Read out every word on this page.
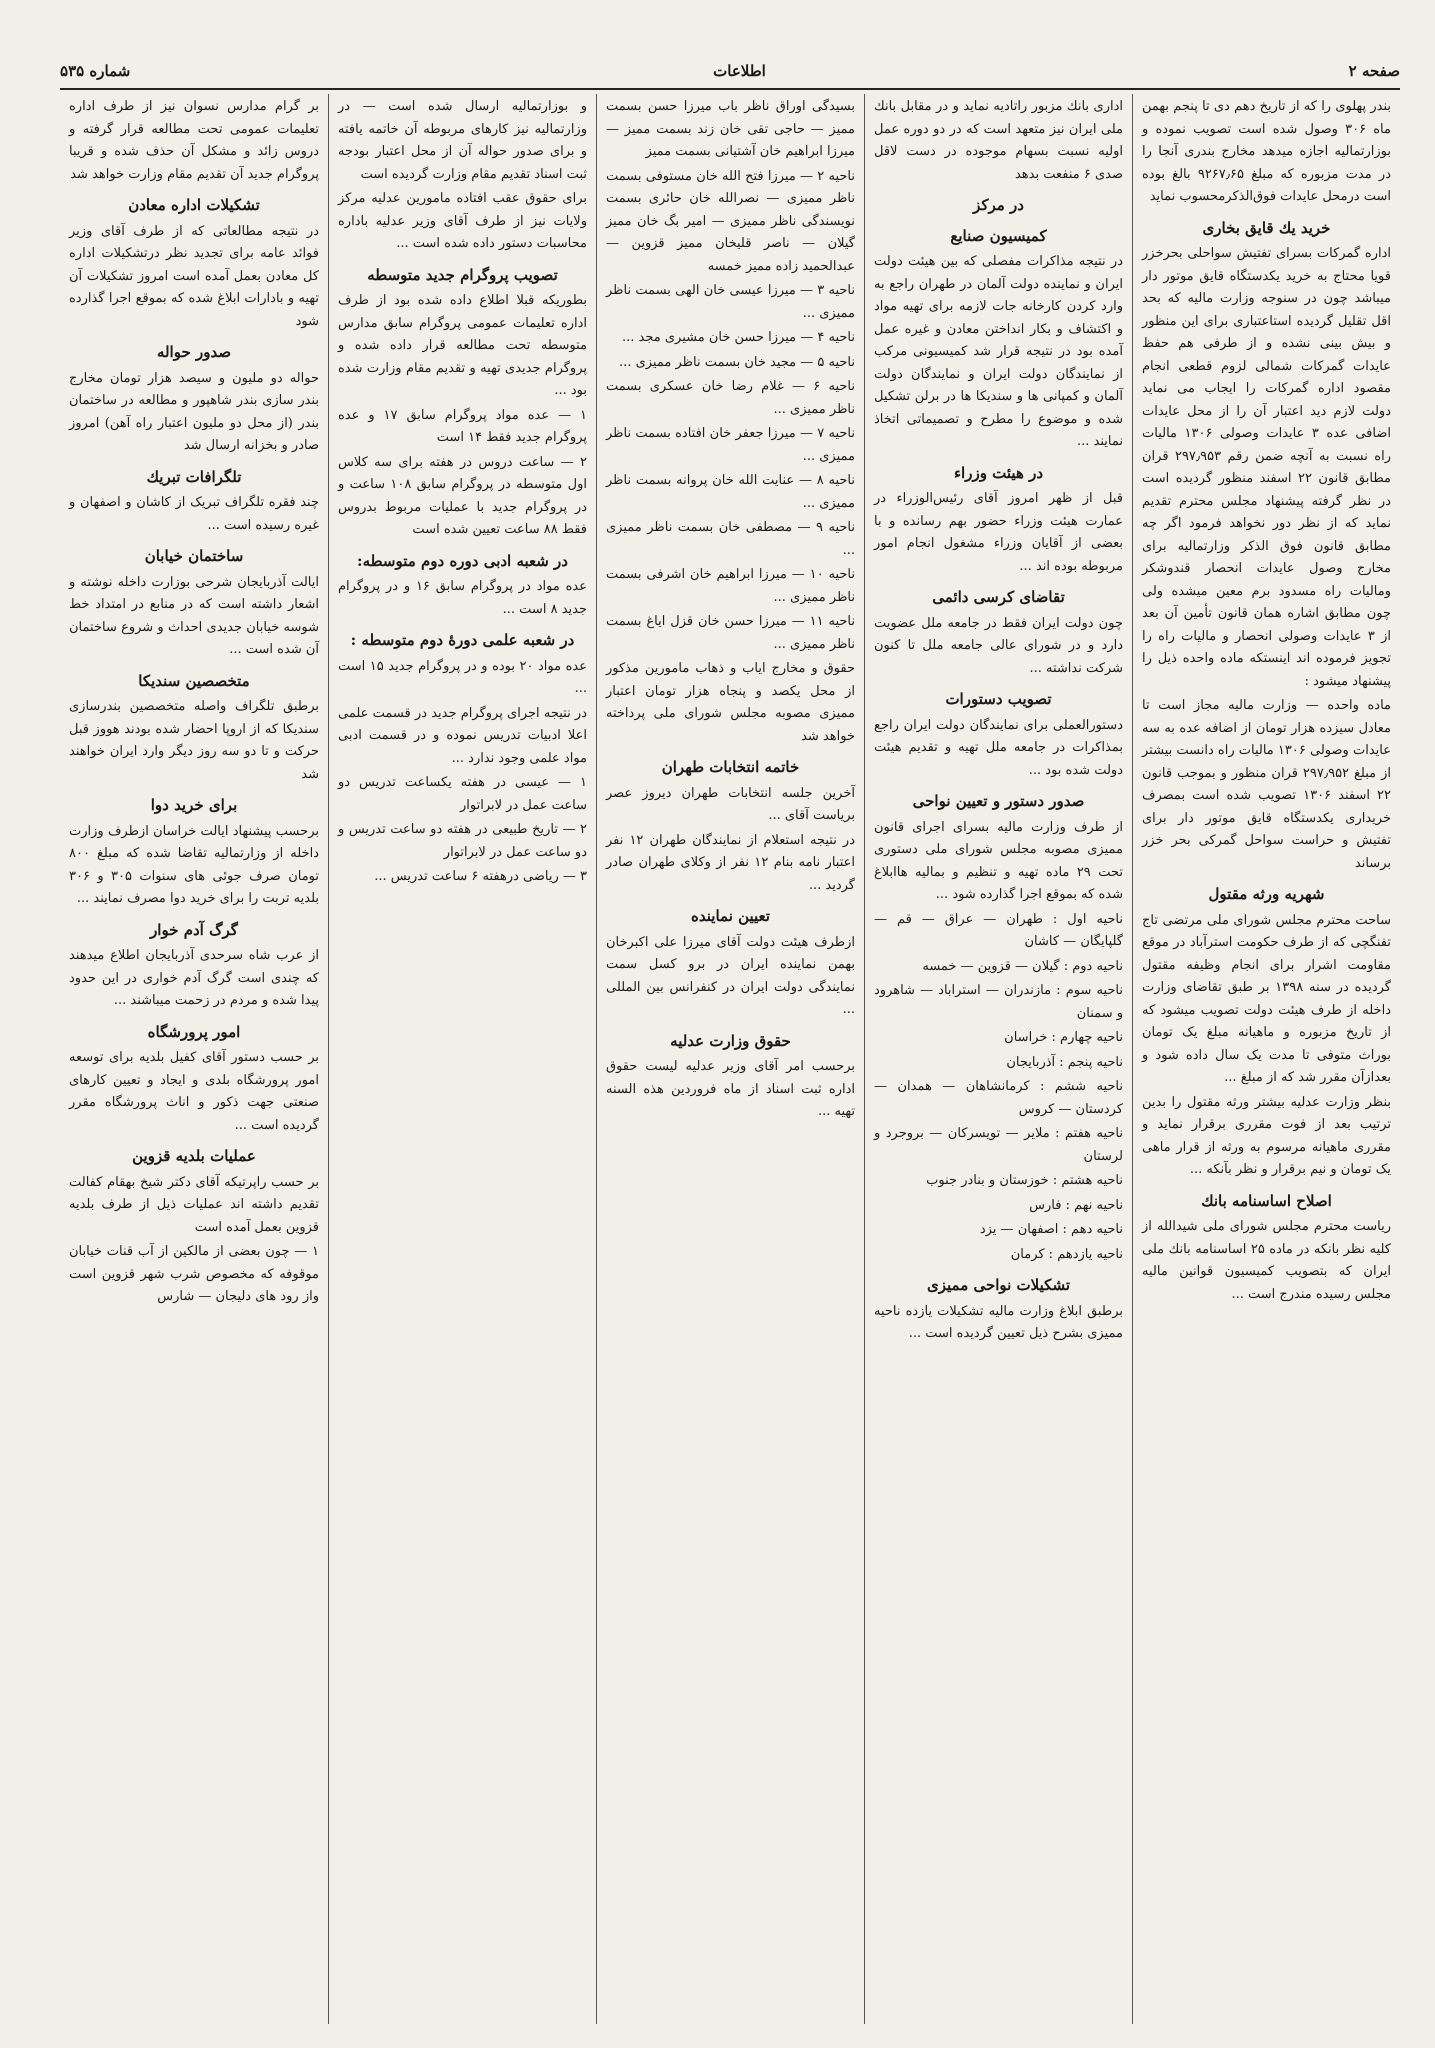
صفحه ۲
اطلاعات
شماره ۵۳۵

بندر پهلوی را كه از تاریخ دهم دی تا پنجم بهمن ماه ۳۰۶ وصول شده است تصویب نموده و بوزارتمالیه اجازه میدهد مخارج بندری آنجا را در مدت مزبوره كه مبلغ ۹۲۶۷٫۶۵ بالغ بوده است درمحل عایدات فوق‌الذكرمحسوب نماید

خرید یك قایق بخاری

اداره گمرکات بسرای تفتیش سواحلی بحرخزر قویا محتاج به خرید یکدستگاه قایق موتور دار میباشد چون در سنوجه وزارت مالیه که بحد اقل تقلیل گردیده استاعتباری برای این منظور و بیش بینی نشده و از طرفی هم حفظ عایدات گمرکات شمالی لزوم قطعی انجام مقصود اداره گمرکات را ایجاب می نماید دولت لازم دید اعتبار آن را از محل عایدات اضافی عده ۳ عایدات وصولی ۱۳۰۶ مالیات راه نسبت به آنچه ضمن رقم ۲۹۷٫۹۵۳ قران مطابق قانون ۲۲ اسفند منظور گردیده است در نظر گرفته پیشنهاد مجلس محترم تقدیم نماید که از نظر دور نخواهد فرمود اگر چه مطابق قانون فوق الذکر وزارتمالیه برای مخارج وصول عایدات انحصار قندوشکر ومالیات راه مسدود برم معین میشده ولی چون مطابق اشاره همان قانون تأمین آن بعد از ۳ عایدات وصولی انحصار و مالیات راه را تجویز فرموده اند اینستکه ماده واحده ذیل را پیشنهاد میشود :

ماده واحده — وزارت مالیه مجاز است تا معادل سیزده هزار تومان از اضافه عده به سه عایدات وصولی ۱۳۰۶ مالیات راه دانست بیشتر از مبلغ ۲۹۷٫۹۵۲ قران منظور و بموجب قانون ۲۲ اسفند ۱۳۰۶ تصویب شده است بمصرف خریداری یکدستگاه قایق موتور دار برای تفتیش و حراست سواحل گمرکی بحر خزر برساند

شهریه ورثه مقتول

ساحت محترم مجلس شورای ملی مرتضی تاج تفنگچی که از طرف حکومت استرآباد در موقع مقاومت اشرار برای انجام وظیفه مقتول گردیده در سنه ۱۳۹۸ بر طبق تقاضای وزارت داخله از طرف هیئت دولت تصویب میشود که از تاریخ مزبوره و ماهیانه مبلغ یک تومان بوراث متوفی تا مدت یک سال داده شود و بعدازآن مقرر شد که از مبلغ ...

بنظر وزارت عدلیه بیشتر ورثه مقتول را بدین ترتیب بعد از فوت مقرری برقرار نماید و مقرری ماهیانه مرسوم به ورثه از قرار ماهی یک تومان و نیم برقرار و نظر بآنکه ...

اصلاح اساسنامه بانك

ریاست محترم مجلس شورای ملی شیدالله از كلیه نظر بانكه در ماده ۲۵ اساسنامه بانك ملی ایران كه بتصویب كمیسیون قوانین مالیه مجلس رسیده مندرج است ...

اداری بانك مزبور راتادیه نماید و در مقابل بانك ملی ایران نیز متعهد است كه در دو دوره عمل اولیه نسبت بسهام موجوده در دست لاقل صدی ۶ منفعت بدهد

در مرکز
کمیسیون صنایع

در نتیجه مذاکرات مفصلی که بین هیئت دولت ایران و نماینده دولت آلمان در طهران راجع به وارد کردن کارخانه جات لازمه برای تهیه مواد و اکتشاف و بکار انداختن معادن و غیره عمل آمده بود در نتیجه قرار شد کمیسیونی مرکب از نمایندگان دولت ایران و نمایندگان دولت آلمان و کمپانی ها و سندیکا ها در برلن تشکیل شده و موضوع را مطرح و تصمیماتی اتخاذ نمایند ...

در هیئت وزراء

قبل از ظهر امروز آقای رئیس‌الوزراء در عمارت هیئت وزراء حضور بهم رسانده و با بعضی از آقایان وزراء مشغول انجام امور مربوطه بوده اند ...

تقاضای کرسی دائمی

چون دولت ایران فقط در جامعه ملل عضویت دارد و در شورای عالی جامعه ملل تا کنون شرکت نداشته ...

تصویب دستورات

دستورالعملی برای نمایندگان دولت ایران راجع بمذاکرات در جامعه ملل تهیه و تقدیم هیئت دولت شده بود ...

صدور دستور و تعیین نواحی

از طرف وزارت مالیه بسرای اجرای قانون ممیزی مصوبه مجلس شورای ملی دستوری تحت ۲۹ ماده تهیه و تنظیم و بمالیه هاابلاغ شده که بموقع اجرا گذارده شود ...

ناحیه اول : طهران — عراق — قم — گلپایگان — کاشان

ناحیه دوم : گیلان — قزوین — خمسه

ناحیه سوم : مازندران — استراباد — شاهرود و سمنان

ناحیه چهارم : خراسان

ناحیه پنجم : آذربایجان

ناحیه ششم : کرمانشاهان — همدان — کردستان — کروس

ناحیه هفتم : ملایر — تویسرکان — بروجرد و لرستان

ناحیه هشتم : خوزستان و بنادر جنوب

ناحیه نهم : فارس

ناحیه دهم : اصفهان — یزد

ناحیه یازدهم : کرمان

تشکیلات نواحی ممیزی

برطبق ابلاغ وزارت مالیه تشکیلات یازده ناحیه ممیزی بشرح ذیل تعیین گردیده است ...

بسیدگی اوراق ناظر باب میرزا حسن بسمت ممیز — حاجی تقی خان زند بسمت ممیز — میرزا ابراهیم خان آشتیانی بسمت ممیز

ناحیه ۲ — میرزا فتح الله خان مستوفی بسمت ناظر ممیزی — نصرالله خان حائری بسمت نویسندگی ناظر ممیزی — امیر بگ خان ممیز گیلان — ناصر قلیخان ممیز قزوین — عبدالحمید زاده ممیز خمسه

ناحیه ۳ — میرزا عیسی خان الهی بسمت ناظر ممیزی ...

ناحیه ۴ — میرزا حسن خان مشیری مجد ...

ناحیه ۵ — مجید خان بسمت ناظر ممیزی ...

ناحیه ۶ — غلام رضا خان عسکری بسمت ناظر ممیزی ...

ناحیه ۷ — میرزا جعفر خان افتاده بسمت ناظر ممیزی ...

ناحیه ۸ — عنایت الله خان پروانه بسمت ناظر ممیزی ...

ناحیه ۹ — مصطفی خان بسمت ناظر ممیزی ...

ناحیه ۱۰ — میرزا ابراهیم خان اشرفی بسمت ناظر ممیزی ...

ناحیه ۱۱ — میرزا حسن خان قزل ایاغ بسمت ناظر ممیزی ...

حقوق و مخارج ایاب و ذهاب مامورین مذکور از محل یکصد و پنجاه هزار تومان اعتبار ممیزی مصوبه مجلس شورای ملی پرداخته خواهد شد

خاتمه انتخابات طهران

آخرین جلسه انتخابات طهران دیروز عصر بریاست آقای ...

در نتیجه استعلام از نمایندگان طهران ۱۲ نفر اعتبار نامه بنام ۱۲ نفر از وکلای طهران صادر گردید ...

تعیین نماینده

ازطرف هیئت دولت آقای میرزا علی اکبرخان بهمن نماینده ایران در برو کسل سمت نمایندگی دولت ایران در کنفرانس بین المللی ...

حقوق وزارت عدلیه

برحسب امر آقای وزیر عدلیه لیست حقوق اداره ثبت اسناد از ماه فروردین هذه السنه تهیه ...

و بوزارتمالیه ارسال شده است — در وزارتمالیه نیز کارهای مربوطه آن خاتمه یافته و برای صدور حواله آن از محل اعتبار بودجه ثبت اسناد تقدیم مقام وزارت گردیده است

برای حقوق عقب افتاده مامورین عدلیه مرکز ولایات نیز از طرف آقای وزیر عدلیه باداره محاسبات دستور داده شده است ...

تصویب پروگرام جدید متوسطه

بطوریکه قبلا اطلاع داده شده بود از طرف اداره تعلیمات عمومی پروگرام سابق مدارس متوسطه تحت مطالعه قرار داده شده و پروگرام جدیدی تهیه و تقدیم مقام وزارت شده بود ...

۱ — عده مواد پروگرام سابق ۱۷ و عده پروگرام جدید فقط ۱۴ است

۲ — ساعت دروس در هفته برای سه کلاس اول متوسطه در پروگرام سابق ۱۰۸ ساعت و در پروگرام جدید با عملیات مربوط بدروس فقط ۸۸ ساعت تعیین شده است

در شعبه ادبی دوره دوم متوسطه:

عده مواد در پروگرام سابق ۱۶ و در پروگرام جدید ۸ است ...

در شعبه علمی دورهٔ دوم متوسطه :

عده مواد ۲۰ بوده و در پروگرام جدید ۱۵ است ...

در نتیجه اجرای پروگرام جدید در قسمت علمی اعلا ادبیات تدریس نموده و در قسمت ادبی مواد علمی وجود ندارد ...

۱ — عیسی در هفته یکساعت تدریس دو ساعت عمل در لابراتوار

۲ — تاریخ طبیعی در هفته دو ساعت تدریس و دو ساعت عمل در لابراتوار

۳ — ریاضی درهفته ۶ ساعت تدریس ...

بر گرام مدارس نسوان نیز از طرف اداره تعلیمات عمومی تحت مطالعه قرار گرفته و دروس زائد و مشکل آن حذف شده و قریبا پروگرام جدید آن تقدیم مقام وزارت خواهد شد

تشکیلات اداره معادن

در نتیجه مطالعاتی که از طرف آقای وزیر فوائد عامه برای تجدید نظر درتشکیلات اداره کل معادن بعمل آمده است امروز تشکیلات آن تهیه و بادارات ابلاغ شده که بموقع اجرا گذارده شود

صدور حواله

حواله دو ملیون و سیصد هزار تومان مخارج بندر سازی بندر شاهپور و مطالعه در ساختمان بندر (از محل دو ملیون اعتبار راه آهن) امروز صادر و بخزانه ارسال شد

تلگرافات تبریك

چند فقره تلگراف تبریک از کاشان و اصفهان و غیره رسیده است ...

ساختمان خیابان

ایالت آذربایجان شرحی بوزارت داخله نوشته و اشعار داشته است که در منابع در امتداد خط شوسه خیابان جدیدی احداث و شروع ساختمان آن شده است ...

متخصصین سندیکا

برطبق تلگراف واصله متخصصین بندرسازی سندیکا که از اروپا احضار شده بودند هووز قبل حرکت و تا دو سه روز دیگر وارد ایران خواهند شد

برای خرید دوا

برحسب پیشنهاد ایالت خراسان ازطرف وزارت داخله از وزارتمالیه تقاضا شده که مبلغ ۸۰۰ تومان صرف جوئی های سنوات ۳۰۵ و ۳۰۶ بلدیه تربت را برای خرید دوا مصرف نمایند ...

گرگ آدم خوار

از عرب شاه سرحدی آذربایجان اطلاع میدهند که چندی است گرگ آدم خواری در این حدود پیدا شده و مردم در زحمت میباشند ...

امور پرورشگاه

بر حسب دستور آقای کفیل بلدیه برای توسعه امور پرورشگاه بلدی و ایجاد و تعیین کارهای صنعتی جهت ذکور و اناث پرورشگاه مقرر گردیده است ...

عملیات بلدیه قزوین

بر حسب راپرتیکه آقای دکتر شیخ بهقام کفالت تقدیم داشته اند عملیات ذیل از طرف بلدیه قزوین بعمل آمده است

۱ — چون بعضی از مالکین از آب قنات خیابان موقوفه که مخصوص شرب شهر قزوین است واز رود های دلیجان — شارس
